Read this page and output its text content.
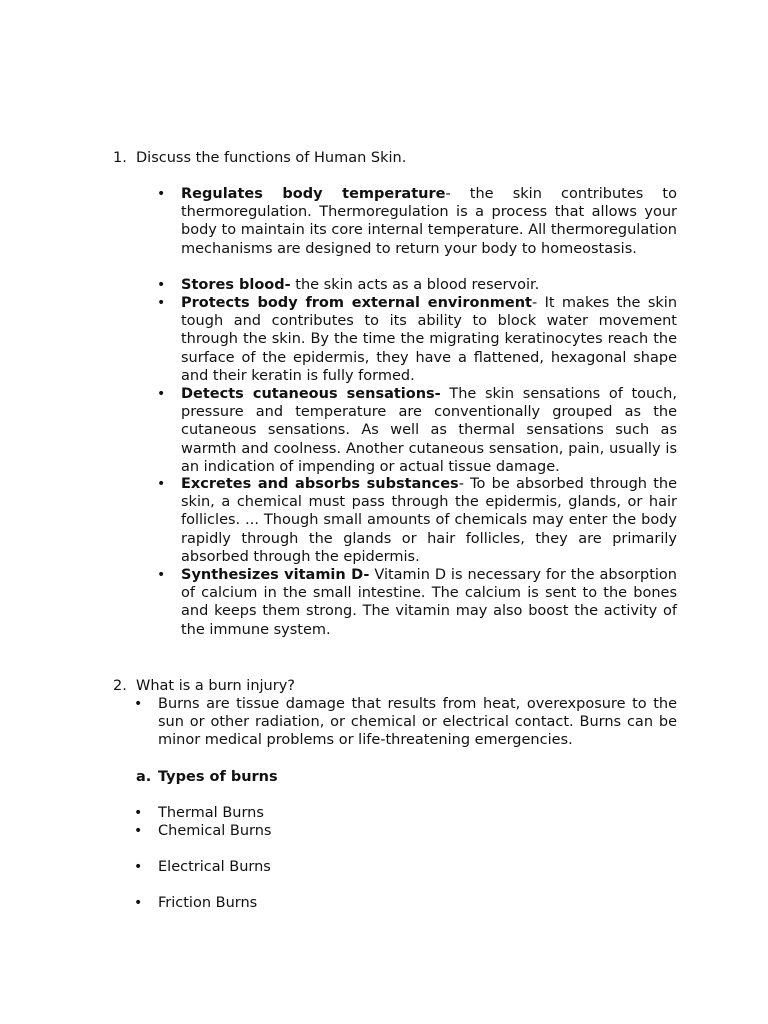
1. Discuss the functions of Human Skin.
• Regulates body temperature- the skin contributes to thermoregulation. Thermoregulation is a process that allows your body to maintain its core internal temperature. All thermoregulation mechanisms are designed to return your body to homeostasis.
• Stores blood- the skin acts as a blood reservoir.
• Protects body from external environment- It makes the skin tough and contributes to its ability to block water movement through the skin. By the time the migrating keratinocytes reach the surface of the epidermis, they have a flattened, hexagonal shape and their keratin is fully formed.
• Detects cutaneous sensations- The skin sensations of touch, pressure and temperature are conventionally grouped as the cutaneous sensations. As well as thermal sensations such as warmth and coolness. Another cutaneous sensation, pain, usually is an indication of impending or actual tissue damage.
• Excretes and absorbs substances- To be absorbed through the skin, a chemical must pass through the epidermis, glands, or hair follicles. ... Though small amounts of chemicals may enter the body rapidly through the glands or hair follicles, they are primarily absorbed through the epidermis.
• Synthesizes vitamin D- Vitamin D is necessary for the absorption of calcium in the small intestine. The calcium is sent to the bones and keeps them strong. The vitamin may also boost the activity of the immune system.
2. What is a burn injury?
• Burns are tissue damage that results from heat, overexposure to the sun or other radiation, or chemical or electrical contact. Burns can be minor medical problems or life-threatening emergencies.
a. Types of burns
• Thermal Burns
• Chemical Burns
• Electrical Burns
• Friction Burns
